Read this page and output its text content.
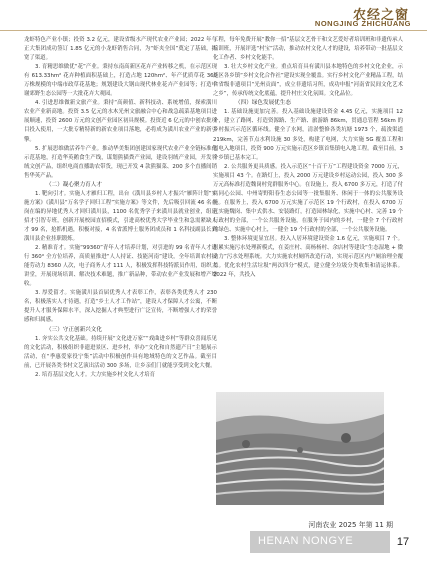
农经之窗
NONGJING ZHICHUANG

龙虾特色产业小镇；投资 3.2 亿元，建设省级水产现代农业产业园；2022 年与正大集团成功签订 1.85 亿元的小龙虾销售合同，为“虾夹全国”奠定了基础，拓宽了渠道。

3. 育精思维做优“花”产业。秉持东南高新区花卉产业转移之机，在示范区现有 613.33hm² 花卉种植面积基础上，打造占地 120hm²、年产优质草花 360 万株规模的中端市政草花基地；规划建设大钢山现代林业花卉产业园等；打造申谢郊野生态公园等一大批花卉大观园。

4. 引进思维做新文旅产业。秉持“高颜值、新科技动、系统增值，探索潢川农业产业新高地。投资 3.5 亿元的水木光州文旅融合中心和战急疏菜基地项目进展顺速，投资 2600 万元的文创产业园区初具规模。投资近 6 亿元的中创农批项目投入使用，一大批专精特新的新农业项目落地，必将成为潢川农业产业的新引擎。

5. 扩展思维做活养牛产业。推动华美集团创建国家现代农业产业全链标准化示范基地，打造华英鹅食生产线，谋划熊猫粪产业园，建设羽绒产业园，开发羽绒文创产品，组织电商直播助农带货，现已开发 4 款熊猫菜、200 多个直播间销售华英产品。

（二）凝心聚力育人才

1. 靶向引才。实施人才雁归工程，出台《潢川县乡村人才振兴“雁阵计划”实施方案》《潢川县“万名学子回归工程”实施方案》等文件，先后吸引回流 46 名在岗在编的异地优秀人才回归潢川县，1100 名优秀学子来潢川县就业创业，组建招才引智专班，创新开展校园直招模式，引进高校优秀大学毕业生和急需紧缺人才 99 名，抢抓机遇，积极对接，4 名省派博士服务团成员和 1 名科技副县长到潢川县企业挂职锻炼。

2. 精准育才。实施“99360”青年人才培养计划，对引进的 99 名青年人才进行 360° 全方位培养，高质量推进“人人持证、技能河南”建设，全年培训农村技能劳动力 8360 人次，电子商务人才 111 人，积极发挥科技特派员作用，组织大讲堂，开展现场培训、解决技术难题，推广新品种，带动农业产业发展和增产增收。

3. 厚爱留才。实施潢川县首届优秀人才表彰工作，表彰各类优秀人才 230 名，积极落实人才待遇，打造“乡土人才工作站”，建设人才保障人才公寓，不断提升人才服务保障水平，深入挖掘人才典型进行广泛宣传，不断增强人才的荣誉感和归属感。

（三）守正创新兴文化

1. 夯实公共文化基础。持续开展“文化进万家”“戏曲进乡村”等群众喜闻乐见的文化活动，积极组织非遗进景区、进乡村，举办“文化和自然遗产日”主题展示活动，在“季惠爱家役宁集”活动中积极创作具有地域特色的文艺作品。截至目前，已开展各类书村文艺演出活动 300 多场，让乡亲们门就能享受到文化大餐。

2. 培育基层文化人才。大力实施乡村文化人才培育

工程，每年免费开展“教你一招”基层文艺骨干和文艺爱好者培训班和非遗传承人培训班，开展评选“村宝”活动，推动农村文化人才的建设，培养带动一批基层文化工作者、乡村文化能手。

3. 壮大乡村文化产业。重点培育具有潢川县本地特色的乡村文化企业，示范区各乡镇“乡村文化合作社”建设实现全覆盖。实行乡村文化产业精品工程，结合省级非遗项目“光州贡面”，成立非遗培习所，成功申报“河南省民间文化艺术之乡”，传承传统文化底蕴，提升村庄文化氛围。文化品位。

（四）绿色发展优生态

1. 基础设施更加完善。投入基础设施建设资金 4.45 亿元，实施项目 12 个，建立了路网、打造资源路、生产路、旅游路 86km，贯通总管程 56km 的乡村振兴示范区循环线。健全了水网，清淤整修各类坑塘 1973 个，疏浚渠道 219km，完善节点水利设施 30 多处，构建了电网，大力实施 5G 覆盖工程和弱电入地项目，投资 900 万元实施示范区乡镇首集镇电入地工程。截至目前，3 个乡镇已基本完工。

2. 公共服务更具质感。投入示范区“十百千万”工程建设资金 7000 万元，实施项目 43 个。在路灯上，投入 2000 万元建设乡村运动公园，投入 300 多万元高标准打造魏岗村党群服务中心。在设施上，投入 6700 多万元，打造了付店同心公园、中州寄野阳春生态公园等一批集服务、体闲于一体的公共服务设施。在服务上，投入 6700 万元实施了示范区 19 个行政村，在投入 6700 万元实施魏岗、集中式供水、安装路灯，打造园林绿化，实施中心村、完善 19 个行政村的全部，一个公共服务设施，在服务于园内的乡村，一健全 7 个行政村的绿色、实施中心村上，一健全 19 个行政村的全部，一个公共服务设施。

3. 整体环境更显宜居。投入人居环境建设资金 1.6 亿元，实施项目 7 个。积累实施污水处理新模式，在姜庄村、高杨杨村、余店村等建设“生态湿地 + 微动力”污水处理系统。大力实施农村厕所改造行动，实现示范区内户厕治理全覆盖。优化农村生活垃圾“两次四分”模式，建立健全垃圾分类收集和清运体系。2022 年，共投入

河南农业 2025 年第 11 期
HENAN NONGYE	17
